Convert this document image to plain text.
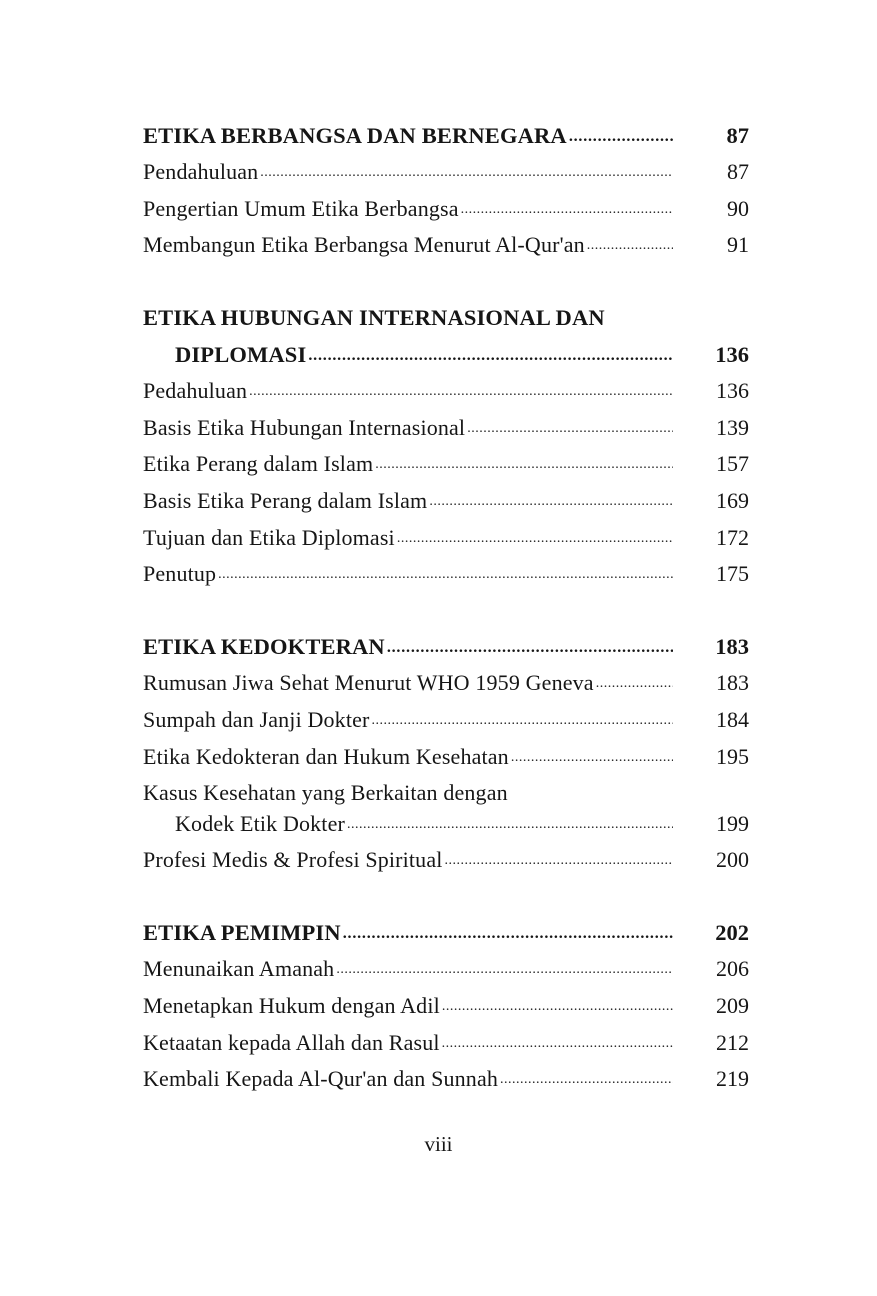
ETIKA BERBANGSA DAN BERNEGARA .....	87
Pendahuluan .....	87
Pengertian Umum Etika Berbangsa .....	90
Membangun Etika Berbangsa Menurut Al-Qur'an .....	91
ETIKA HUBUNGAN INTERNASIONAL DAN
DIPLOMASI .....	136
Pedahuluan .....	136
Basis Etika Hubungan Internasional .....	139
Etika Perang dalam Islam .....	157
Basis Etika Perang dalam Islam .....	169
Tujuan dan Etika Diplomasi .....	172
Penutup .....	175
ETIKA KEDOKTERAN .....	183
Rumusan Jiwa Sehat Menurut WHO 1959 Geneva .....	183
Sumpah dan Janji Dokter .....	184
Etika Kedokteran dan Hukum Kesehatan .....	195
Kasus Kesehatan yang Berkaitan dengan
Kodek Etik Dokter .....	199
Profesi Medis & Profesi Spiritual .....	200
ETIKA PEMIMPIN .....	202
Menunaikan Amanah .....	206
Menetapkan Hukum dengan Adil .....	209
Ketaatan kepada Allah dan Rasul .....	212
Kembali Kepada Al-Qur'an dan Sunnah .....	219
viii
